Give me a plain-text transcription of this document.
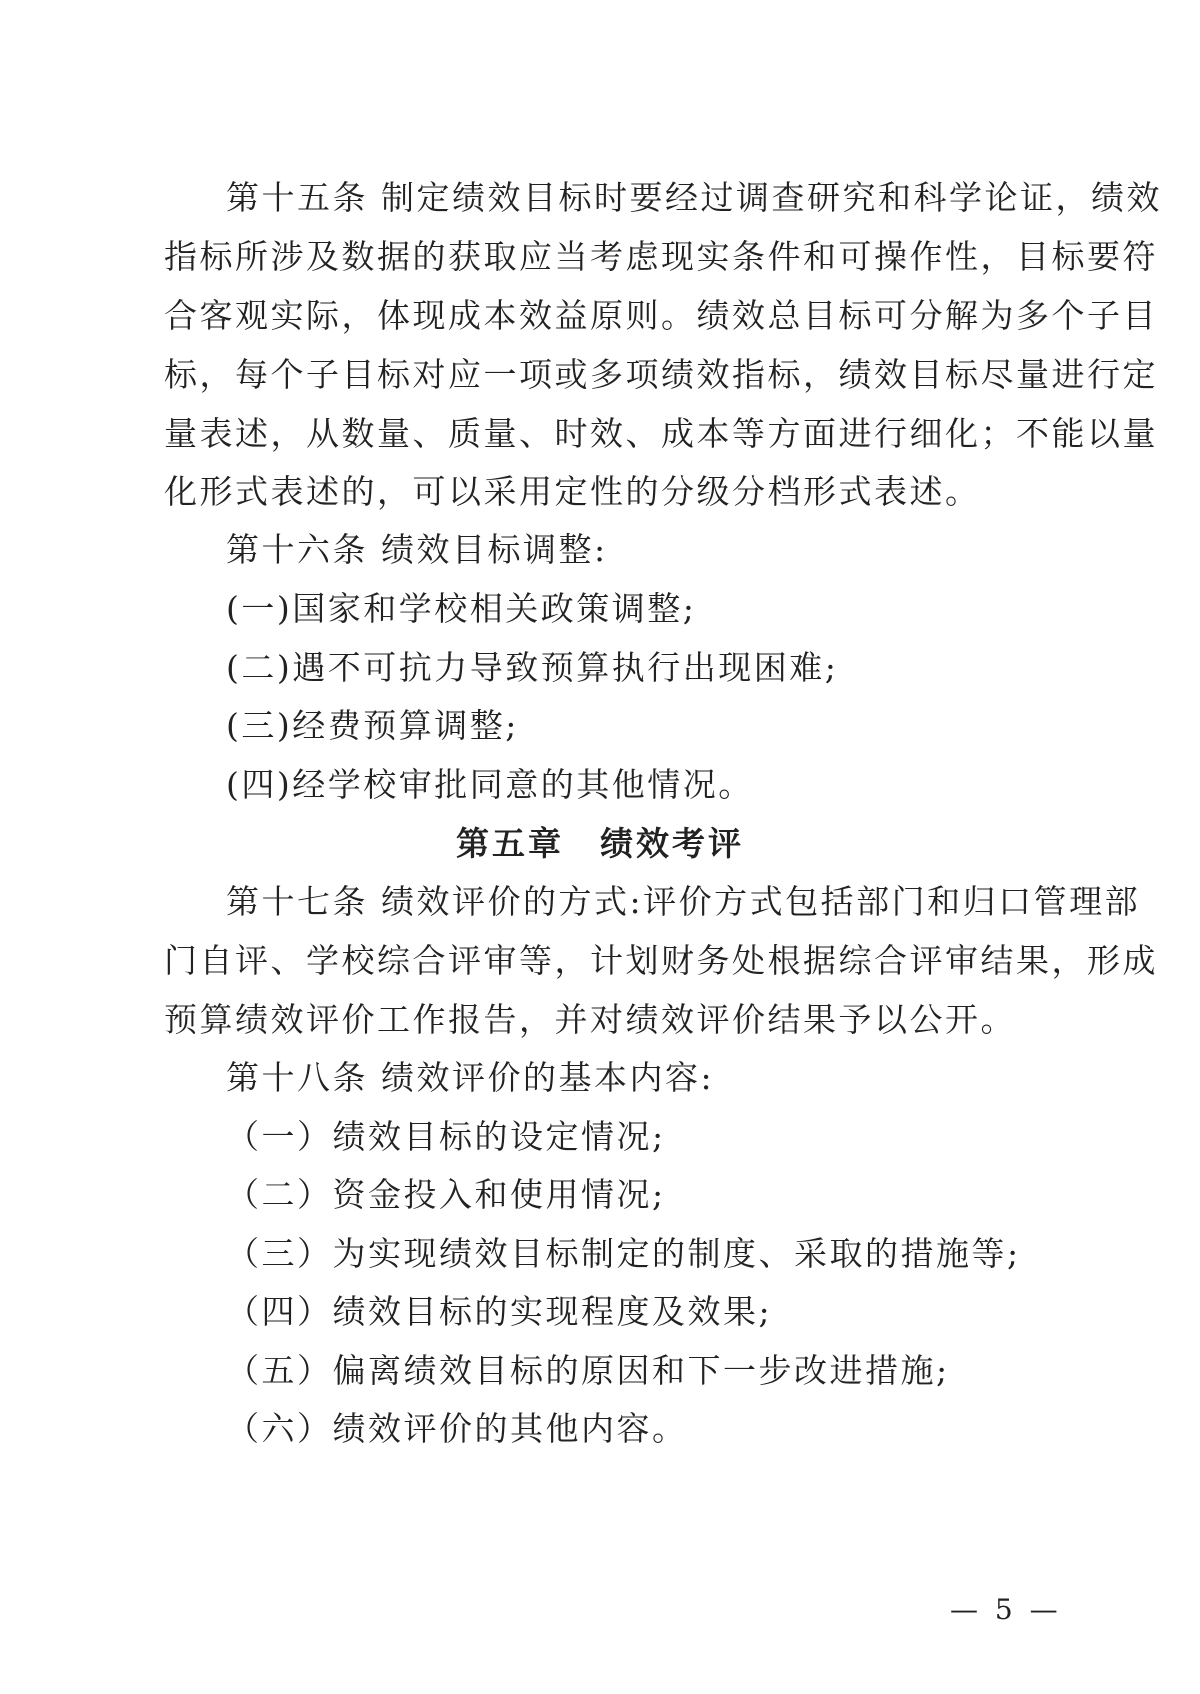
第十五条 制定绩效目标时要经过调查研究和科学论证，绩效
指标所涉及数据的获取应当考虑现实条件和可操作性，目标要符
合客观实际，体现成本效益原则。绩效总目标可分解为多个子目
标，每个子目标对应一项或多项绩效指标，绩效目标尽量进行定
量表述，从数量、质量、时效、成本等方面进行细化；不能以量
化形式表述的，可以采用定性的分级分档形式表述。
第十六条 绩效目标调整:
(一)国家和学校相关政策调整;
(二)遇不可抗力导致预算执行出现困难;
(三)经费预算调整;
(四)经学校审批同意的其他情况。
第五章　绩效考评
第十七条 绩效评价的方式:评价方式包括部门和归口管理部
门自评、学校综合评审等，计划财务处根据综合评审结果，形成
预算绩效评价工作报告，并对绩效评价结果予以公开。
第十八条 绩效评价的基本内容:
（一）绩效目标的设定情况;
（二）资金投入和使用情况;
（三）为实现绩效目标制定的制度、采取的措施等;
（四）绩效目标的实现程度及效果;
（五）偏离绩效目标的原因和下一步改进措施;
（六）绩效评价的其他内容。
— 5 —
